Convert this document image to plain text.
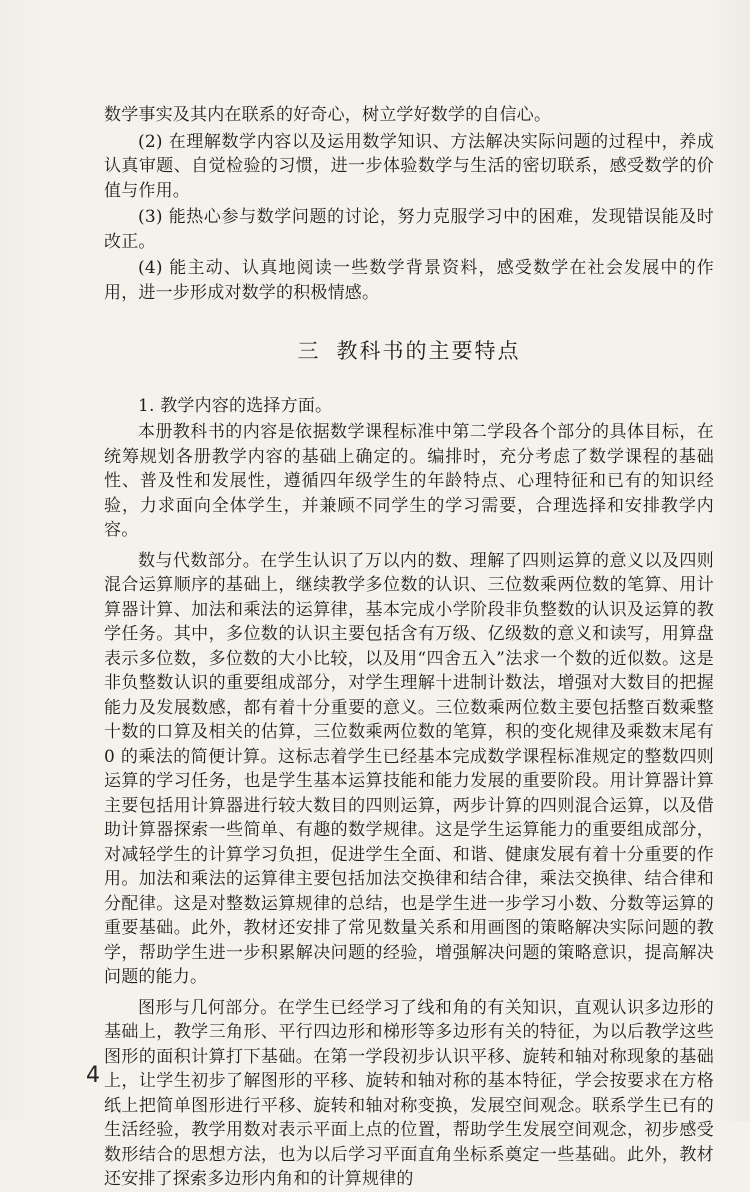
数学事实及其内在联系的好奇心，树立学好数学的自信心。

(2) 在理解数学内容以及运用数学知识、方法解决实际问题的过程中，养成认真审题、自觉检验的习惯，进一步体验数学与生活的密切联系，感受数学的价值与作用。

(3) 能热心参与数学问题的讨论，努力克服学习中的困难，发现错误能及时改正。

(4) 能主动、认真地阅读一些数学背景资料，感受数学在社会发展中的作用，进一步形成对数学的积极情感。

三 教科书的主要特点

1. 教学内容的选择方面。

本册教科书的内容是依据数学课程标准中第二学段各个部分的具体目标，在统筹规划各册教学内容的基础上确定的。编排时，充分考虑了数学课程的基础性、普及性和发展性，遵循四年级学生的年龄特点、心理特征和已有的知识经验，力求面向全体学生，并兼顾不同学生的学习需要，合理选择和安排教学内容。

数与代数部分。在学生认识了万以内的数、理解了四则运算的意义以及四则混合运算顺序的基础上，继续教学多位数的认识、三位数乘两位数的笔算、用计算器计算、加法和乘法的运算律，基本完成小学阶段非负整数的认识及运算的教学任务。其中，多位数的认识主要包括含有万级、亿级数的意义和读写，用算盘表示多位数，多位数的大小比较，以及用“四舍五入”法求一个数的近似数。这是非负整数认识的重要组成部分，对学生理解十进制计数法，增强对大数目的把握能力及发展数感，都有着十分重要的意义。三位数乘两位数主要包括整百数乘整十数的口算及相关的估算，三位数乘两位数的笔算，积的变化规律及乘数末尾有 0 的乘法的简便计算。这标志着学生已经基本完成数学课程标准规定的整数四则运算的学习任务，也是学生基本运算技能和能力发展的重要阶段。用计算器计算主要包括用计算器进行较大数目的四则运算，两步计算的四则混合运算，以及借助计算器探索一些简单、有趣的数学规律。这是学生运算能力的重要组成部分，对减轻学生的计算学习负担，促进学生全面、和谐、健康发展有着十分重要的作用。加法和乘法的运算律主要包括加法交换律和结合律，乘法交换律、结合律和分配律。这是对整数运算规律的总结，也是学生进一步学习小数、分数等运算的重要基础。此外，教材还安排了常见数量关系和用画图的策略解决实际问题的教学，帮助学生进一步积累解决问题的经验，增强解决问题的策略意识，提高解决问题的能力。

图形与几何部分。在学生已经学习了线和角的有关知识，直观认识多边形的基础上，教学三角形、平行四边形和梯形等多边形有关的特征，为以后教学这些图形的面积计算打下基础。在第一学段初步认识平移、旋转和轴对称现象的基础上，让学生初步了解图形的平移、旋转和轴对称的基本特征，学会按要求在方格纸上把简单图形进行平移、旋转和轴对称变换，发展空间观念。联系学生已有的生活经验，教学用数对表示平面上点的位置，帮助学生发展空间观念，初步感受数形结合的思想方法，也为以后学习平面直角坐标系奠定一些基础。此外，教材还安排了探索多边形内角和的计算规律的

4
